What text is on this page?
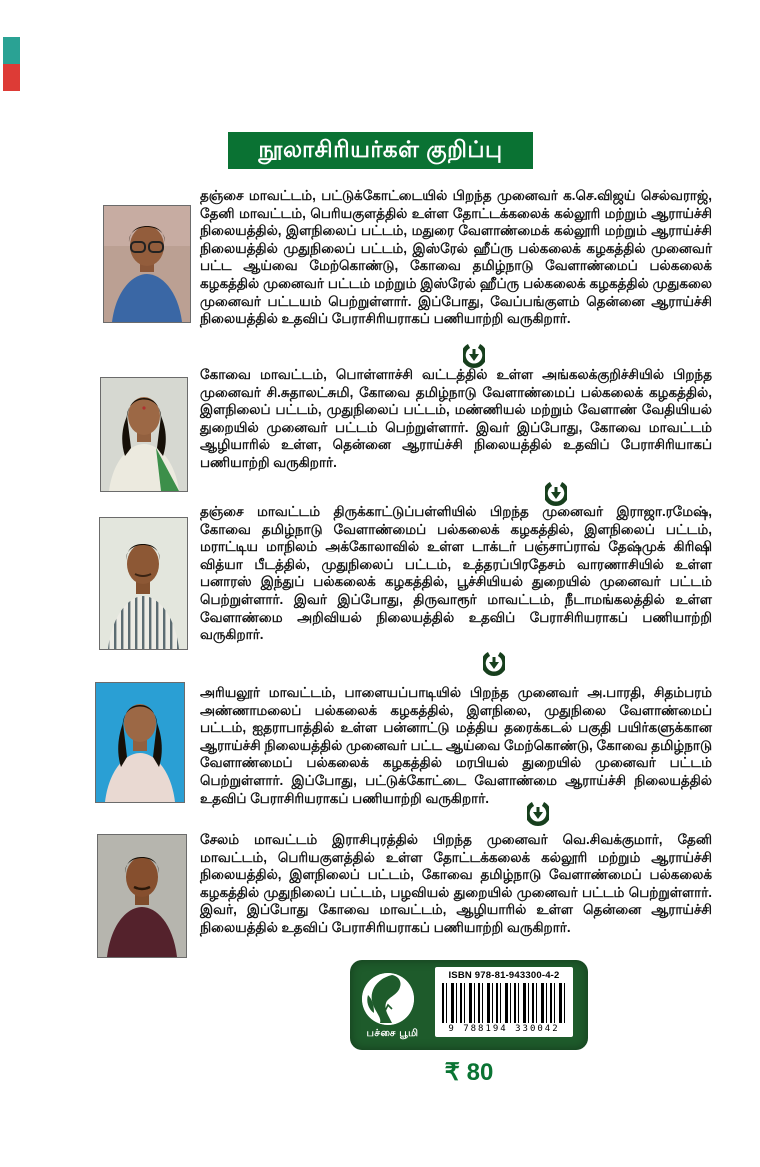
நூலாசிரியர்கள் குறிப்பு
தஞ்சை மாவட்டம், பட்டுக்கோட்டையில் பிறந்த முனைவர் க.செ.விஜய் செல்வராஜ், தேனி மாவட்டம், பெரியகுளத்தில் உள்ள தோட்டக்கலைக் கல்லூரி மற்றும் ஆராய்ச்சி நிலையத்தில், இளநிலைப் பட்டம், மதுரை வேளாண்மைக் கல்லூரி மற்றும் ஆராய்ச்சி நிலையத்தில் முதுநிலைப் பட்டம், இஸ்ரேல் ஹீப்ரு பல்கலைக் கழகத்தில் முனைவர் பட்ட ஆய்வை மேற்கொண்டு, கோவை தமிழ்நாடு வேளாண்மைப் பல்கலைக் கழகத்தில் முனைவர் பட்டம் மற்றும் இஸ்ரேல் ஹீப்ரு பல்கலைக் கழகத்தில் முதுகலை முனைவர் பட்டயம் பெற்றுள்ளார். இப்போது, வேப்பங்குளம் தென்னை ஆராய்ச்சி நிலையத்தில் உதவிப் பேராசிரியராகப் பணியாற்றி வருகிறார்.
கோவை மாவட்டம், பொள்ளாச்சி வட்டத்தில் உள்ள அங்கலக்குறிச்சியில் பிறந்த முனைவர் சி.சுதாலட்சுமி, கோவை தமிழ்நாடு வேளாண்மைப் பல்கலைக் கழகத்தில், இளநிலைப் பட்டம், முதுநிலைப் பட்டம், மண்ணியல் மற்றும் வேளாண் வேதியியல் துறையில் முனைவர் பட்டம் பெற்றுள்ளார். இவர் இப்போது, கோவை மாவட்டம் ஆழியாரில் உள்ள, தென்னை ஆராய்ச்சி நிலையத்தில் உதவிப் பேராசிரியாகப் பணியாற்றி வருகிறார்.
தஞ்சை மாவட்டம் திருக்காட்டுப்பள்ளியில் பிறந்த முனைவர் இராஜா.ரமேஷ், கோவை தமிழ்நாடு வேளாண்மைப் பல்கலைக் கழகத்தில், இளநிலைப் பட்டம், மராட்டிய மாநிலம் அக்கோலாவில் உள்ள டாக்டர் பஞ்சாப்ராவ் தேஷ்முக் கிரிஷி வித்யா பீடத்தில், முதுநிலைப் பட்டம், உத்தரப்பிரதேசம் வாரணாசியில் உள்ள பனாரஸ் இந்துப் பல்கலைக் கழகத்தில், பூச்சியியல் துறையில் முனைவர் பட்டம் பெற்றுள்ளார். இவர் இப்போது, திருவாரூர் மாவட்டம், நீடாமங்கலத்தில் உள்ள வேளாண்மை அறிவியல் நிலையத்தில் உதவிப் பேராசிரியராகப் பணியாற்றி வருகிறார்.
அரியலூர் மாவட்டம், பாளையப்பாடியில் பிறந்த முனைவர் அ.பாரதி, சிதம்பரம் அண்ணாமலைப் பல்கலைக் கழகத்தில், இளநிலை, முதுநிலை வேளாண்மைப் பட்டம், ஐதராபாத்தில் உள்ள பன்னாட்டு மத்திய தரைக்கடல் பகுதி பயிர்களுக்கான ஆராய்ச்சி நிலையத்தில் முனைவர் பட்ட ஆய்வை மேற்கொண்டு, கோவை தமிழ்நாடு வேளாண்மைப் பல்கலைக் கழகத்தில் மரபியல் துறையில் முனைவர் பட்டம் பெற்றுள்ளார். இப்போது, பட்டுக்கோட்டை வேளாண்மை ஆராய்ச்சி நிலையத்தில் உதவிப் பேராசிரியராகப் பணியாற்றி வருகிறார்.
சேலம் மாவட்டம் இராசிபுரத்தில் பிறந்த முனைவர் வெ.சிவக்குமார், தேனி மாவட்டம், பெரியகுளத்தில் உள்ள தோட்டக்கலைக் கல்லூரி மற்றும் ஆராய்ச்சி நிலையத்தில், இளநிலைப் பட்டம், கோவை தமிழ்நாடு வேளாண்மைப் பல்கலைக் கழகத்தில் முதுநிலைப் பட்டம், பழவியல் துறையில் முனைவர் பட்டம் பெற்றுள்ளார். இவர், இப்போது கோவை மாவட்டம், ஆழியாரில் உள்ள தென்னை ஆராய்ச்சி நிலையத்தில் உதவிப் பேராசிரியராகப் பணியாற்றி வருகிறார்.
பச்சை பூமி
ISBN 978-81-943300-4-2
9 788194 330042
₹ 80
